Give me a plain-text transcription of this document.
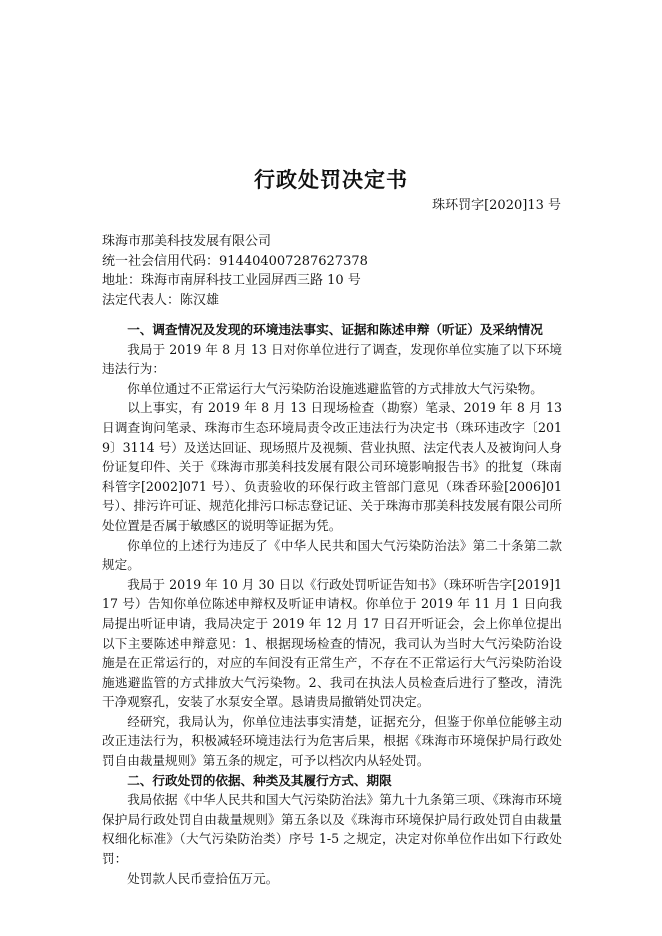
行政处罚决定书
珠环罚字[2020]13 号
珠海市那美科技发展有限公司
统一社会信用代码：91440400728762737​8
地址：珠海市南屏科技工业园屏西三路 10 号
法定代表人：陈汉雄
一、调查情况及发现的环境违法事实、证据和陈述申辩（听证）及采纳情况

我局于 2019 年 8 月 13 日对你单位进行了调查，发现你单位实施了以下环境违法行为：

你单位通过不正常运行大气污染防治设施逃避监管的方式排放大气污染物。

以上事实，有 2019 年 8 月 13 日现场检查（勘察）笔录、2019 年 8 月 13 日调查询问笔录、珠海市生态环境局责令改正违法行为决定书（珠环违改字〔2019〕3114 号）及送达回证、现场照片及视频、营业执照、法定代表人及被询问人身份证复印件、关于《珠海市那美科技发展有限公司环境影响报告书》的批复（珠南科管字[2002]071 号）、负责验收的环保行政主管部门意见（珠香环验[2006]01 号）、排污许可证、规范化排污口标志登记证、关于珠海市那美科技发展有限公司所处位置是否属于敏感区的说明等证据为凭。

你单位的上述行为违反了《中华人民共和国大气污染防治法》第二十条第二款规定。

我局于 2019 年 10 月 30 日以《行政处罚听证告知书》（珠环听告字[2019]117 号）告知你单位陈述申辩权及听证申请权。你单位于 2019 年 11 月 1 日向我局提出听证申请，我局决定于 2019 年 12 月 17 日召开听证会，会上你单位提出以下主要陈述申辩意见：1、根据现场检查的情况，我司认为当时大气污染防治设施是在正常运行的，对应的车间没有正常生产，不存在不正常运行大气污染防治设施逃避监管的方式排放大气污染物。2、我司在执法人员检查后进行了整改，清洗干净观察孔，安装了水泵安全罩。恳请贵局撤销处罚决定。

经研究，我局认为，你单位违法事实清楚，证据充分，但鉴于你单位能够主动改正违法行为，积极减轻环境违法行为危害后果，根据《珠海市环境保护局行政处罚自由裁量规则》第五条的规定，可予以档次内从轻处罚。

二、行政处罚的依据、种类及其履行方式、期限

我局依据《中华人民共和国大气污染防治法》第九十九条第三项、《珠海市环境保护局行政处罚自由裁量规则》第五条以及《珠海市环境保护局行政处罚自由裁量权细化标准》（大气污染防治类）序号 1-5 之规定，决定对你单位作出如下行政处罚：

处罚款人民币壹拾伍万元。
